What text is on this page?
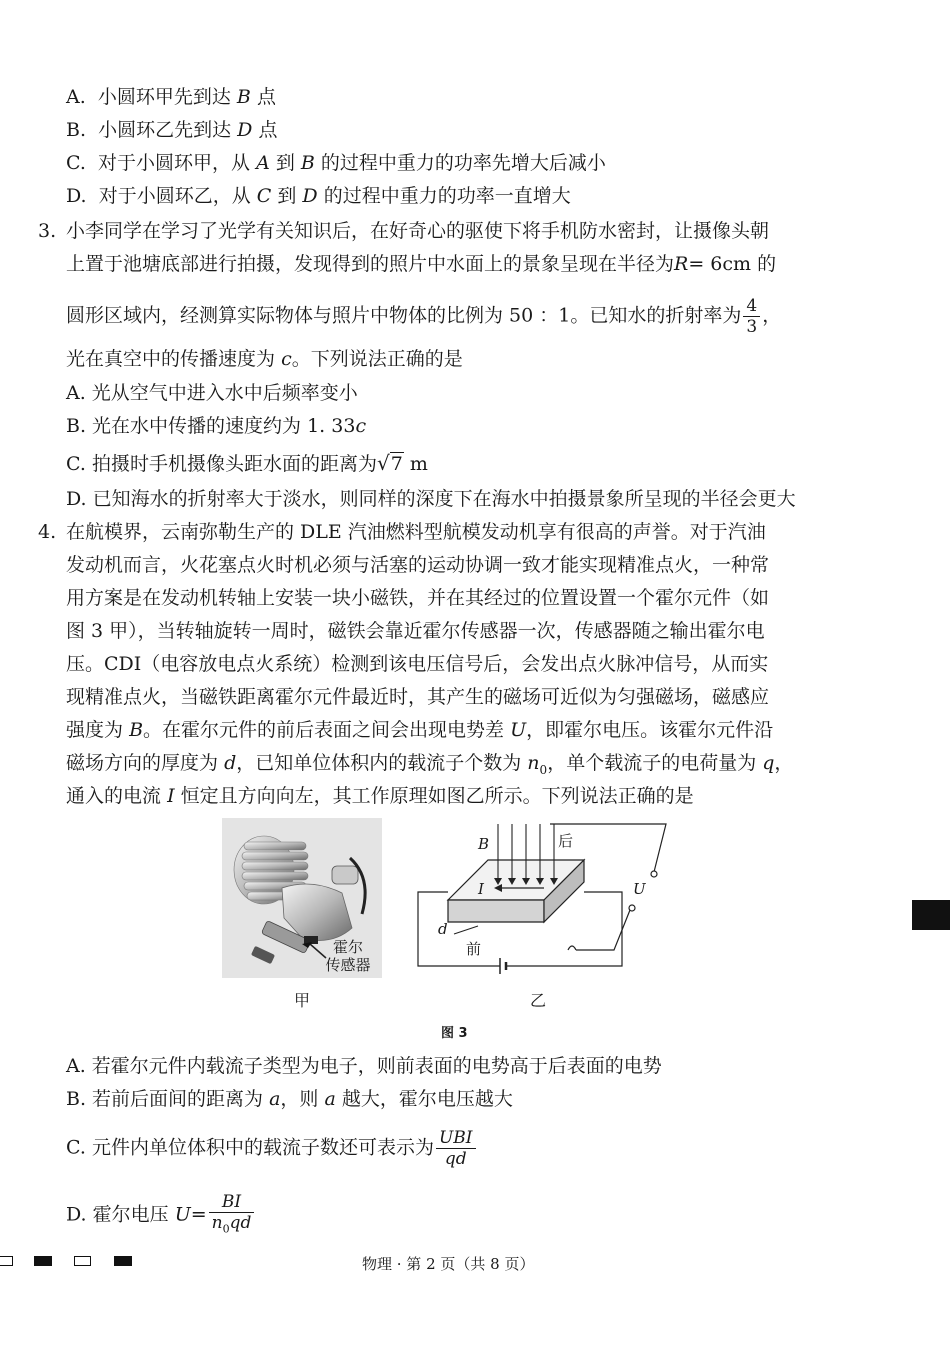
A. 小圆环甲先到达 B 点
B. 小圆环乙先到达 D 点
C. 对于小圆环甲，从 A 到 B 的过程中重力的功率先增大后减小
D. 对于小圆环乙，从 C 到 D 的过程中重力的功率一直增大
3. 小李同学在学习了光学有关知识后，在好奇心的驱使下将手机防水密封，让摄像头朝
上置于池塘底部进行拍摄，发现得到的照片中水面上的景象呈现在半径为R= 6cm 的
圆形区域内，经测算实际物体与照片中物体的比例为 50 ：1。已知水的折射率为 $\frac{4}{3}$ ，
光在真空中的传播速度为 c。下列说法正确的是
A. 光从空气中进入水中后频率变小
B. 光在水中传播的速度约为 1. 33c
C. 拍摄时手机摄像头距水面的距离为√7 m
D. 已知海水的折射率大于淡水，则同样的深度下在海水中拍摄景象所呈现的半径会更大
4. 在航模界，云南弥勒生产的 DLE 汽油燃料型航模发动机享有很高的声誉。对于汽油
发动机而言，火花塞点火时机必须与活塞的运动协调一致才能实现精准点火，一种常
用方案是在发动机转轴上安装一块小磁铁，并在其经过的位置设置一个霍尔元件（如
图 3 甲），当转轴旋转一周时，磁铁会靠近霍尔传感器一次，传感器随之输出霍尔电
压。CDI（电容放电点火系统）检测到该电压信号后，会发出点火脉冲信号，从而实
现精准点火，当磁铁距离霍尔元件最近时，其产生的磁场可近似为匀强磁场，磁感应
强度为 B。在霍尔元件的前后表面之间会出现电势差 U，即霍尔电压。该霍尔元件沿
磁场方向的厚度为 d，已知单位体积内的载流子个数为 $n_0$，单个载流子的电荷量为 q，
通入的电流 I 恒定且方向向左，其工作原理如图乙所示。下列说法正确的是
霍尔
传感器
甲
B	后
I	U
d
前
乙
图 3
A. 若霍尔元件内载流子类型为电子，则前表面的电势高于后表面的电势
B. 若前后面间的距离为 a，则 a 越大，霍尔电压越大
C. 元件内单位体积中的载流子数还可表示为 $\frac{\text{UBI}}{qd}$
D. 霍尔电压 $U= \frac{BI}{n_0qd}$
物理 · 第 2 页（共 8 页）
